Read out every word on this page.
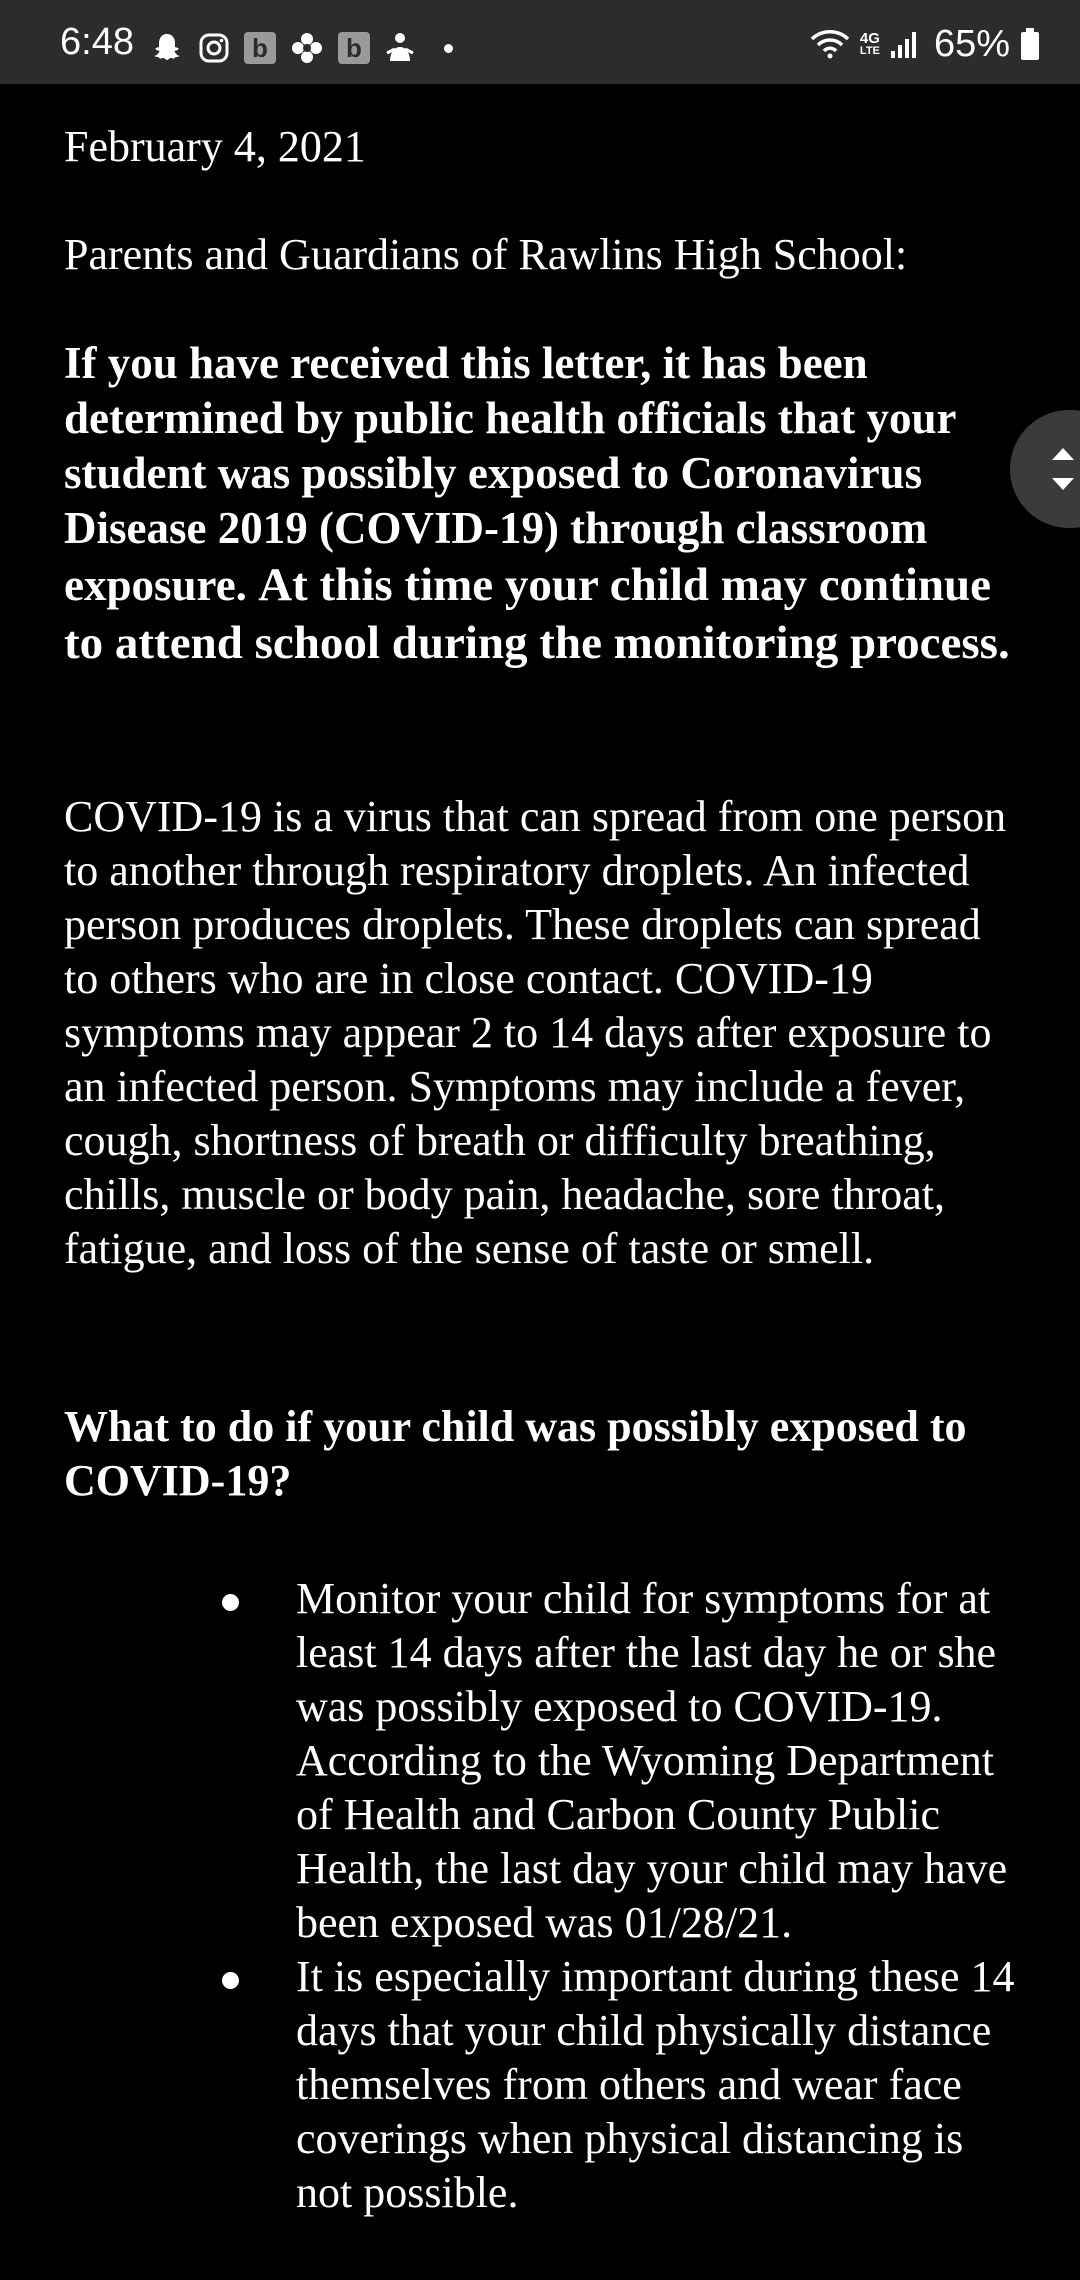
6:48	b	b	4G
LTE 65%

February 4, 2021

Parents and Guardians of Rawlins High School:

If you have received this letter, it has been determined by public health officials that your student was possibly exposed to Coronavirus Disease 2019 (COVID-19) through classroom exposure. At this time your child may continue to attend school during the monitoring process.

COVID-19 is a virus that can spread from one person to another through respiratory droplets. An infected person produces droplets. These droplets can spread to others who are in close contact. COVID-19 symptoms may appear 2 to 14 days after exposure to an infected person. Symptoms may include a fever, cough, shortness of breath or difficulty breathing, chills, muscle or body pain, headache, sore throat, fatigue, and loss of the sense of taste or smell.

What to do if your child was possibly exposed to COVID-19?

Monitor your child for symptoms for at least 14 days after the last day he or she was possibly exposed to COVID-19. According to the Wyoming Department of Health and Carbon County Public Health, the last day your child may have been exposed was 01/28/21.
It is especially important during these 14 days that your child physically distance themselves from others and wear face coverings when physical distancing is not possible.
